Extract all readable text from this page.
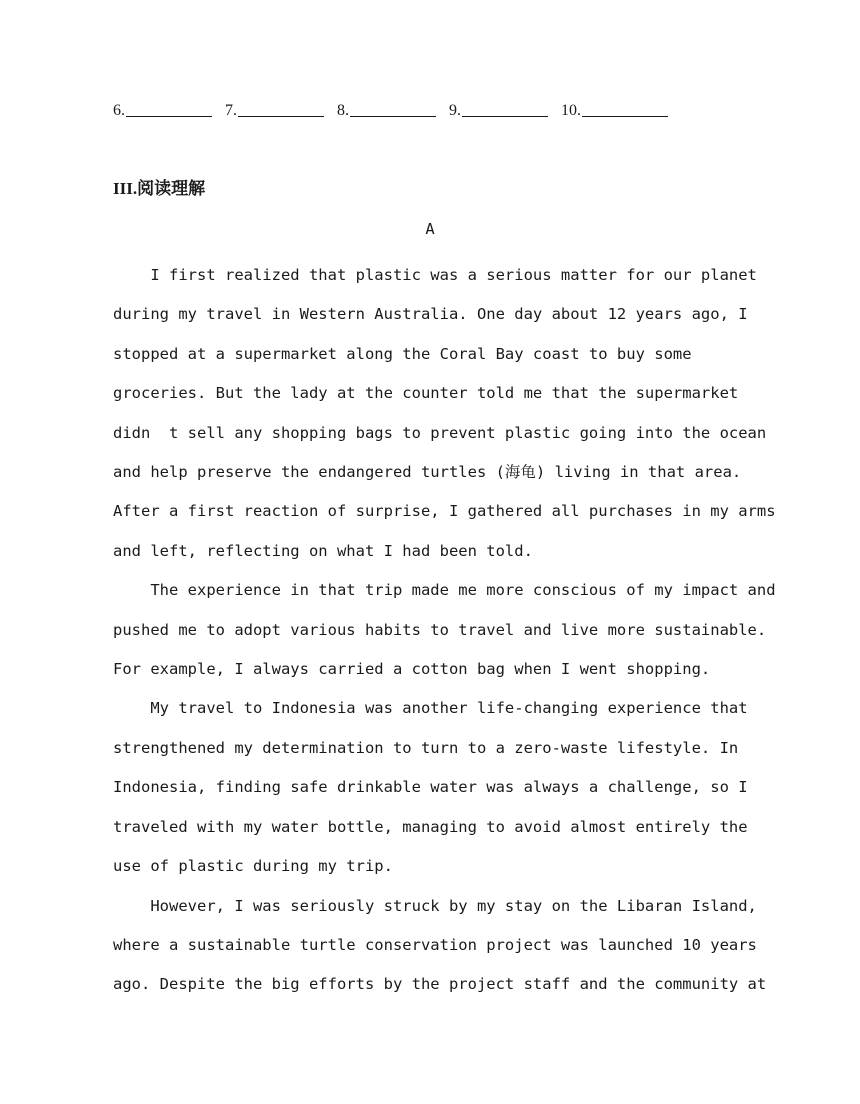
6.	7.	8.	9.	10.
III.阅读理解
A
I first realized that plastic was a serious matter for our planet
during my travel in Western Australia. One day about 12 years ago, I
stopped at a supermarket along the Coral Bay coast to buy some
groceries. But the lady at the counter told me that the supermarket
didn  t sell any shopping bags to prevent plastic going into the ocean
and help preserve the endangered turtles (海龟) living in that area.
After a first reaction of surprise, I gathered all purchases in my arms
and left, reflecting on what I had been told.
The experience in that trip made me more conscious of my impact and
pushed me to adopt various habits to travel and live more sustainable.
For example, I always carried a cotton bag when I went shopping.
My travel to Indonesia was another life-changing experience that
strengthened my determination to turn to a zero-waste lifestyle. In
Indonesia, finding safe drinkable water was always a challenge, so I
traveled with my water bottle, managing to avoid almost entirely the
use of plastic during my trip.
However, I was seriously struck by my stay on the Libaran Island,
where a sustainable turtle conservation project was launched 10 years
ago. Despite the big efforts by the project staff and the community at
